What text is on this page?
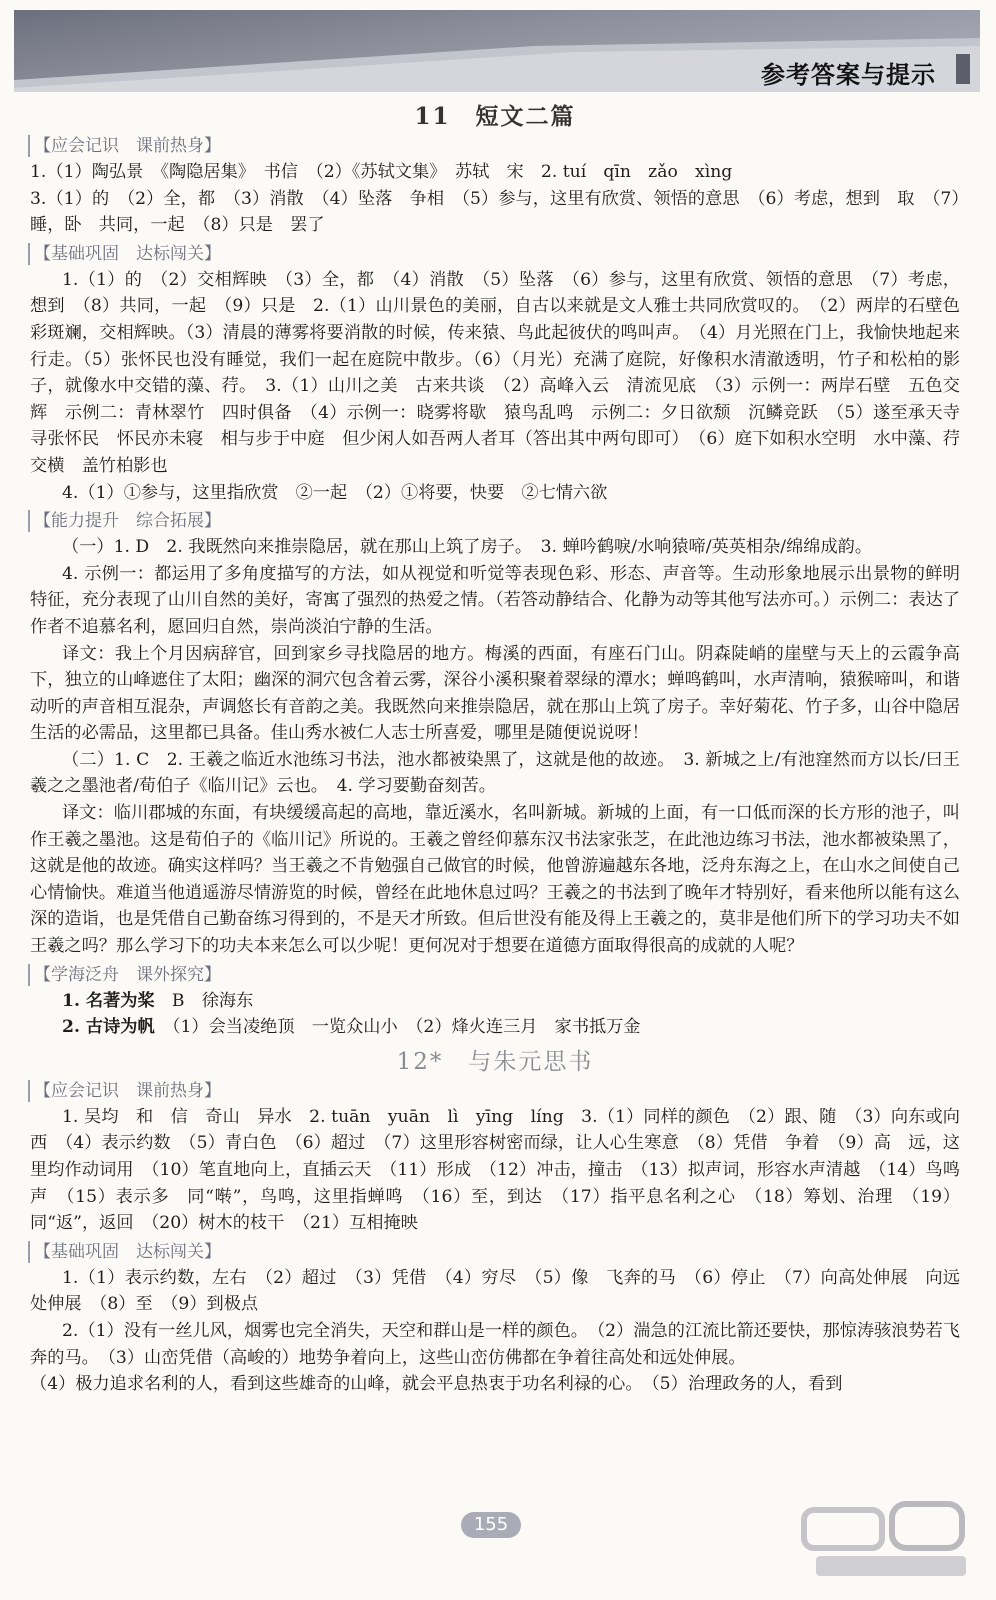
参考答案与提示
11　短文二篇
【应会记识　课前热身】

1.（1）陶弘景　《陶隐居集》　书信　（2）《苏轼文集》　苏轼　宋　2. tuí　qīn　zǎo　xìng

3.（1）的　（2）全，都　（3）消散　（4）坠落　争相　（5）参与，这里有欣赏、领悟的意思　（6）考虑，想到　取　（7）睡，卧　共同，一起　（8）只是　罢了

【基础巩固　达标闯关】

1.（1）的　（2）交相辉映　（3）全，都　（4）消散　（5）坠落　（6）参与，这里有欣赏、领悟的意思　（7）考虑，想到　（8）共同，一起　（9）只是　2.（1）山川景色的美丽，自古以来就是文人雅士共同欣赏叹的。　（2）两岸的石壁色彩斑斓，交相辉映。（3）清晨的薄雾将要消散的时候，传来猿、鸟此起彼伏的鸣叫声。　（4）月光照在门上，我愉快地起来行走。（5）张怀民也没有睡觉，我们一起在庭院中散步。（6）（月光）充满了庭院，好像积水清澈透明，竹子和松柏的影子，就像水中交错的藻、荇。　3.（1）山川之美　古来共谈　（2）高峰入云　清流见底　（3）示例一：两岸石壁　五色交辉　示例二：青林翠竹　四时俱备　（4）示例一：晓雾将歇　猿鸟乱鸣　示例二：夕日欲颓　沉鳞竞跃　（5）遂至承天寺寻张怀民　怀民亦未寝　相与步于中庭　但少闲人如吾两人者耳（答出其中两句即可）　（6）庭下如积水空明　水中藻、荇交横　盖竹柏影也

4.（1）①参与，这里指欣赏　②一起　（2）①将要，快要　②七情六欲

【能力提升　综合拓展】

（一）1. D　2. 我既然向来推崇隐居，就在那山上筑了房子。　3. 蝉吟鹤唳/水响猿啼/英英相杂/绵绵成韵。

4. 示例一：都运用了多角度描写的方法，如从视觉和听觉等表现色彩、形态、声音等。生动形象地展示出景物的鲜明特征，充分表现了山川自然的美好，寄寓了强烈的热爱之情。（若答动静结合、化静为动等其他写法亦可。）示例二：表达了作者不追慕名利，愿回归自然，崇尚淡泊宁静的生活。

译文：我上个月因病辞官，回到家乡寻找隐居的地方。梅溪的西面，有座石门山。阴森陡峭的崖壁与天上的云霞争高下，独立的山峰遮住了太阳；幽深的洞穴包含着云雾，深谷小溪积聚着翠绿的潭水；蝉鸣鹤叫，水声清响，猿猴啼叫，和谐动听的声音相互混杂，声调悠长有音韵之美。我既然向来推崇隐居，就在那山上筑了房子。幸好菊花、竹子多，山谷中隐居生活的必需品，这里都已具备。佳山秀水被仁人志士所喜爱，哪里是随便说说呀！

（二）1. C　2. 王羲之临近水池练习书法，池水都被染黑了，这就是他的故迹。　3. 新城之上/有池窪然而方以长/曰王羲之之墨池者/荀伯子《临川记》云也。　4. 学习要勤奋刻苦。

译文：临川郡城的东面，有块缓缓高起的高地，靠近溪水，名叫新城。新城的上面，有一口低而深的长方形的池子，叫作王羲之墨池。这是荀伯子的《临川记》所说的。王羲之曾经仰慕东汉书法家张芝，在此池边练习书法，池水都被染黑了，这就是他的故迹。确实这样吗？当王羲之不肯勉强自己做官的时候，他曾游遍越东各地，泛舟东海之上，在山水之间使自己心情愉快。难道当他逍遥游尽情游览的时候，曾经在此地休息过吗？王羲之的书法到了晚年才特别好，看来他所以能有这么深的造诣，也是凭借自己勤奋练习得到的，不是天才所致。但后世没有能及得上王羲之的，莫非是他们所下的学习功夫不如王羲之吗？那么学习下的功夫本来怎么可以少呢！更何况对于想要在道德方面取得很高的成就的人呢？

【学海泛舟　课外探究】

1. 名著为桨　B　徐海东

2. 古诗为帆　（1）会当凌绝顶　一览众山小　（2）烽火连三月　家书抵万金

12*　与朱元思书
【应会记识　课前热身】

1. 吴均　和　信　奇山　异水　2. tuān　yuān　lì　yīng　líng　3.（1）同样的颜色　（2）跟、随　（3）向东或向西　（4）表示约数　（5）青白色　（6）超过　（7）这里形容树密而绿，让人心生寒意　（8）凭借　争着　（9）高　远，这里均作动词用　（10）笔直地向上，直插云天　（11）形成　（12）冲击，撞击　（13）拟声词，形容水声清越　（14）鸟鸣声　（15）表示多　同“啭”，鸟鸣，这里指蝉鸣　（16）至，到达　（17）指平息名利之心　（18）筹划、治理　（19）同“返”，返回　（20）树木的枝干　（21）互相掩映

【基础巩固　达标闯关】

1.（1）表示约数，左右　（2）超过　（3）凭借　（4）穷尽　（5）像　飞奔的马　（6）停止　（7）向高处伸展　向远处伸展　（8）至　（9）到极点

2.（1）没有一丝儿风，烟雾也完全消失，天空和群山是一样的颜色。　（2）湍急的江流比箭还要快，那惊涛骇浪势若飞奔的马。　（3）山峦凭借（高峻的）地势争着向上，这些山峦仿佛都在争着往高处和远处伸展。

（4）极力追求名利的人，看到这些雄奇的山峰，就会平息热衷于功名利禄的心。　（5）治理政务的人，看到

155
